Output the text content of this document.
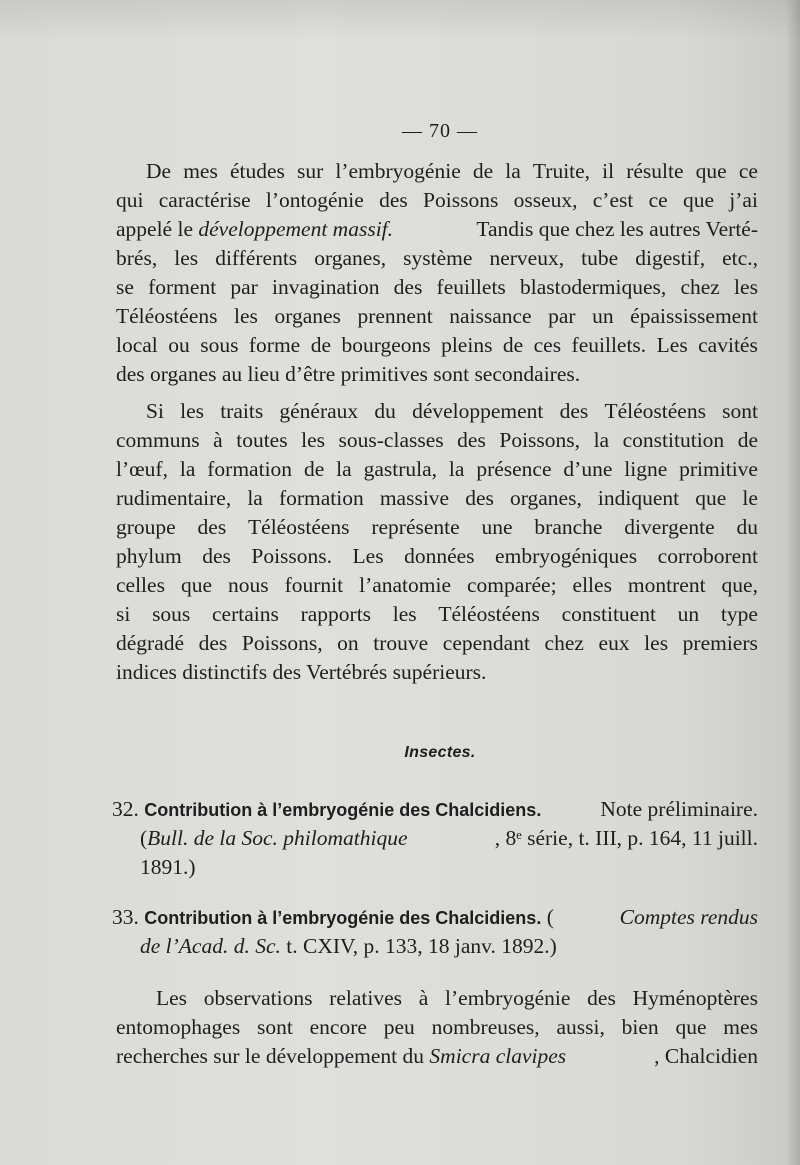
— 70 —
De mes études sur l’embryogénie de la Truite, il résulte que ce
qui caractérise l’ontogénie des Poissons osseux, c’est ce que j’ai
appelé le développement massif.	Tandis que chez les autres Verté-
brés, les différents organes, système nerveux, tube digestif, etc.,
se forment par invagination des feuillets blastodermiques, chez les
Téléostéens les organes prennent naissance par un épaississement
local ou sous forme de bourgeons pleins de ces feuillets. Les cavités
des organes au lieu d’être primitives sont secondaires.
Si les traits généraux du développement des Téléostéens sont
communs à toutes les sous-classes des Poissons, la constitution de
l’œuf, la formation de la gastrula, la présence d’une ligne primitive
rudimentaire, la formation massive des organes, indiquent que le
groupe des Téléostéens représente une branche divergente du
phylum des Poissons. Les données embryogéniques corroborent
celles que nous fournit l’anatomie comparée; elles montrent que,
si sous certains rapports les Téléostéens constituent un type
dégradé des Poissons, on trouve cependant chez eux les premiers
indices distinctifs des Vertébrés supérieurs.
Insectes.
32. Contribution à l’embryogénie des Chalcidiens.	Note préliminaire.
(Bull. de la Soc. philomathique	, 8ᵉ série, t. III, p. 164, 11 juill.
1891.)
33. Contribution à l’embryogénie des Chalcidiens. (	Comptes rendus
de l’Acad. d. Sc. t. CXIV, p. 133, 18 janv. 1892.)
Les observations relatives à l’embryogénie des Hyménoptères
entomophages sont encore peu nombreuses, aussi, bien que mes
recherches sur le développement du Smicra clavipes	, Chalcidien
